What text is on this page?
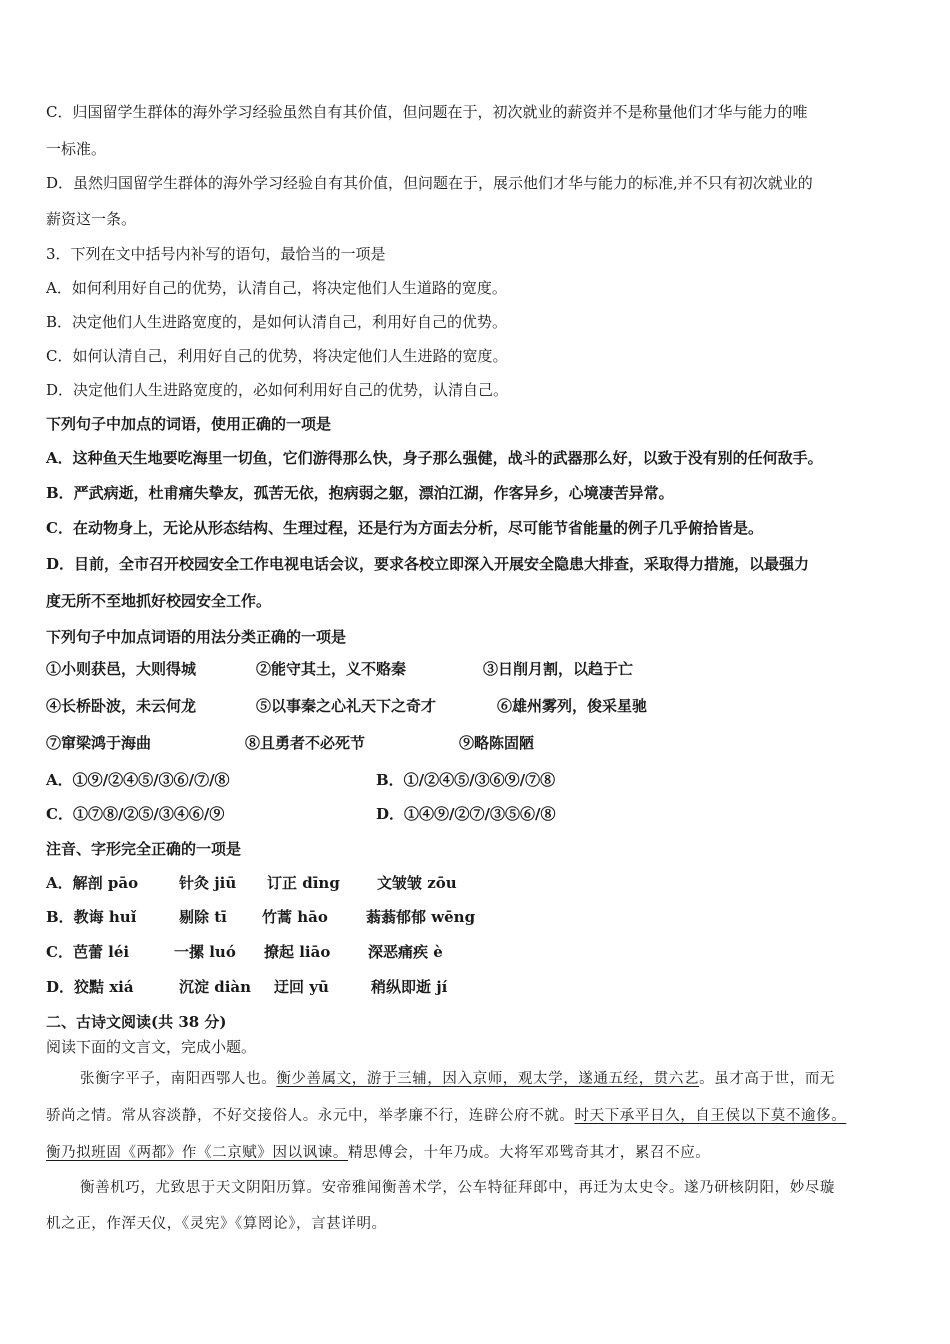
C．归国留学生群体的海外学习经验虽然自有其价值，但问题在于，初次就业的薪资并不是称量他们才华与能力的唯
一标准。
D．虽然归国留学生群体的海外学习经验自有其价值，但问题在于，展示他们才华与能力的标准,并不只有初次就业的
薪资这一条。
3．下列在文中括号内补写的语句，最恰当的一项是
A．如何利用好自己的优势，认清自己，将决定他们人生道路的宽度。
B．决定他们人生进路宽度的，是如何认清自己，利用好自己的优势。
C．如何认清自己，利用好自己的优势，将决定他们人生进路的宽度。
D．决定他们人生进路宽度的，必如何利用好自己的优势，认清自己。
下列句子中加点的词语，使用正确的一项是
A．这种鱼天生地要吃海里一切鱼，它们游得那么快，身子那么强健，战斗的武器那么好，以致于没有别的任何敌手。
B．严武病逝，杜甫痛失挚友，孤苦无依，抱病弱之躯，漂泊江湖，作客异乡，心境凄苦异常。
C．在动物身上，无论从形态结构、生理过程，还是行为方面去分析，尽可能节省能量的例子几乎俯拾皆是。
D．目前，全市召开校园安全工作电视电话会议，要求各校立即深入开展安全隐患大排查，采取得力措施，以最强力
度无所不至地抓好校园安全工作。
下列句子中加点词语的用法分类正确的一项是
①小则获邑，大则得城	②能守其土，义不赂秦	③日削月割，以趋于亡
④长桥卧波，未云何龙	⑤以事秦之心礼天下之奇才	⑥雄州雾列，俊采星驰
⑦窜梁鸿于海曲	⑧且勇者不必死节	⑨略陈固陋
A．①⑨/②④⑤/③⑥/⑦/⑧	B．①/②④⑤/③⑥⑨/⑦⑧
C．①⑦⑧/②⑤/③④⑥/⑨	D．①④⑨/②⑦/③⑤⑥/⑧
注音、字形完全正确的一项是
A．解剖 pāo	针灸 jiū 订正 dīng 文皱皱 zōu
B．教诲 huǐ	剔除 tī 竹蒿 hāo	蓊蓊郁郁 wēng
C．芭蕾 léi	一摞 luó 撩起 liāo	深恶痛疾 è
D．狡黠 xiá	沉淀 diàn 迂回 yū	稍纵即逝 jí
二、古诗文阅读(共 38 分)
阅读下面的文言文，完成小题。
张衡字平子，南阳西鄂人也。衡少善属文，游于三辅，因入京师，观太学，遂通五经，贯六艺。虽才高于世，而无
骄尚之情。常从容淡静，不好交接俗人。永元中，举孝廉不行，连辟公府不就。时天下承平日久，自王侯以下莫不逾侈。
衡乃拟班固《两都》作《二京赋》因以讽谏。精思傅会，十年乃成。大将军邓骘奇其才，累召不应。
衡善机巧，尤致思于天文阴阳历算。安帝雅闻衡善术学，公车特征拜郎中，再迁为太史令。遂乃研核阴阳，妙尽璇
机之正，作浑天仪，《灵宪》《算罔论》，言甚详明。
